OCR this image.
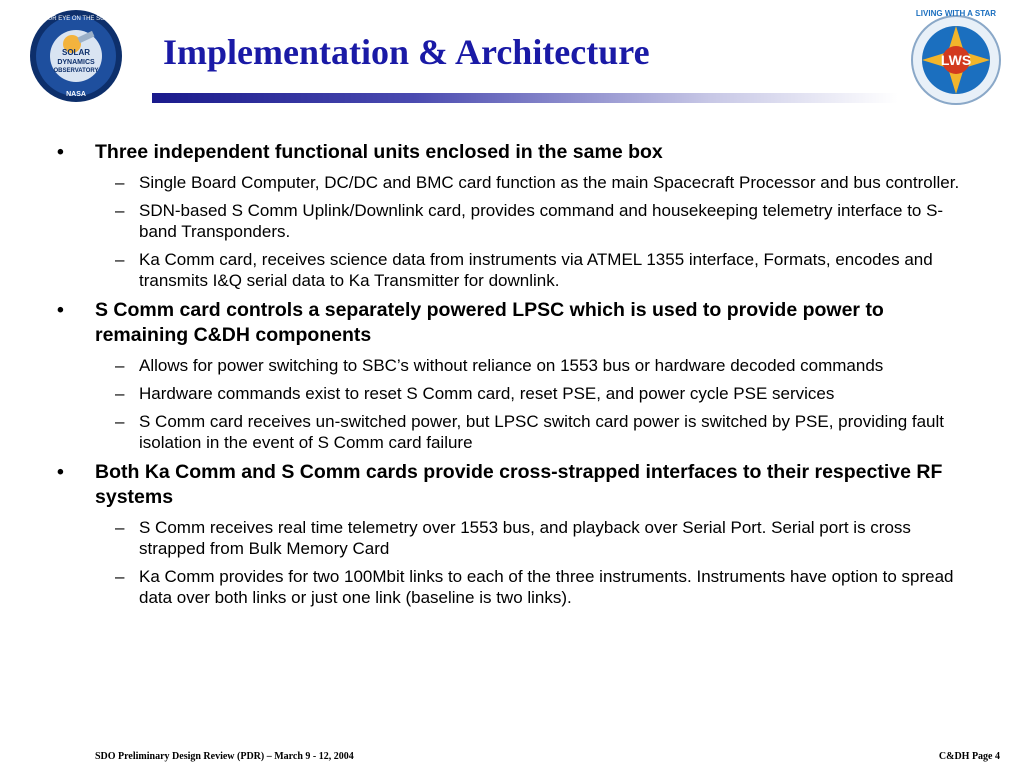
OUR EYE ON THE SUN
SOLAR
DYNAMICS
OBSERVATORY
NASA
Implementation & Architecture
LIVING WITH A STAR
LWS
• Three independent functional units enclosed in the same box
– Single Board Computer, DC/DC and BMC card function as the main Spacecraft Processor and bus controller.
– SDN-based S Comm Uplink/Downlink card, provides command and housekeeping telemetry interface to S-band Transponders.
– Ka Comm card, receives science data from instruments via ATMEL 1355 interface, Formats, encodes and transmits I&Q serial data to Ka Transmitter for downlink.
• S Comm card controls a separately powered LPSC which is used to provide power to remaining C&DH components
– Allows for power switching to SBC’s without reliance on 1553 bus or hardware decoded commands
– Hardware commands exist to reset S Comm card, reset PSE, and power cycle PSE services
– S Comm card receives un-switched power, but LPSC switch card power is switched by PSE, providing fault isolation in the event of S Comm card failure
• Both Ka Comm and S Comm cards provide cross-strapped interfaces to their respective RF systems
– S Comm receives real time telemetry over 1553 bus, and playback over Serial Port. Serial port is cross strapped from Bulk Memory Card
– Ka Comm provides for two 100Mbit links to each of the three instruments. Instruments have option to spread data over both links or just one link (baseline is two links).
SDO Preliminary Design Review (PDR) – March 9 - 12, 2004	C&DH Page 4
